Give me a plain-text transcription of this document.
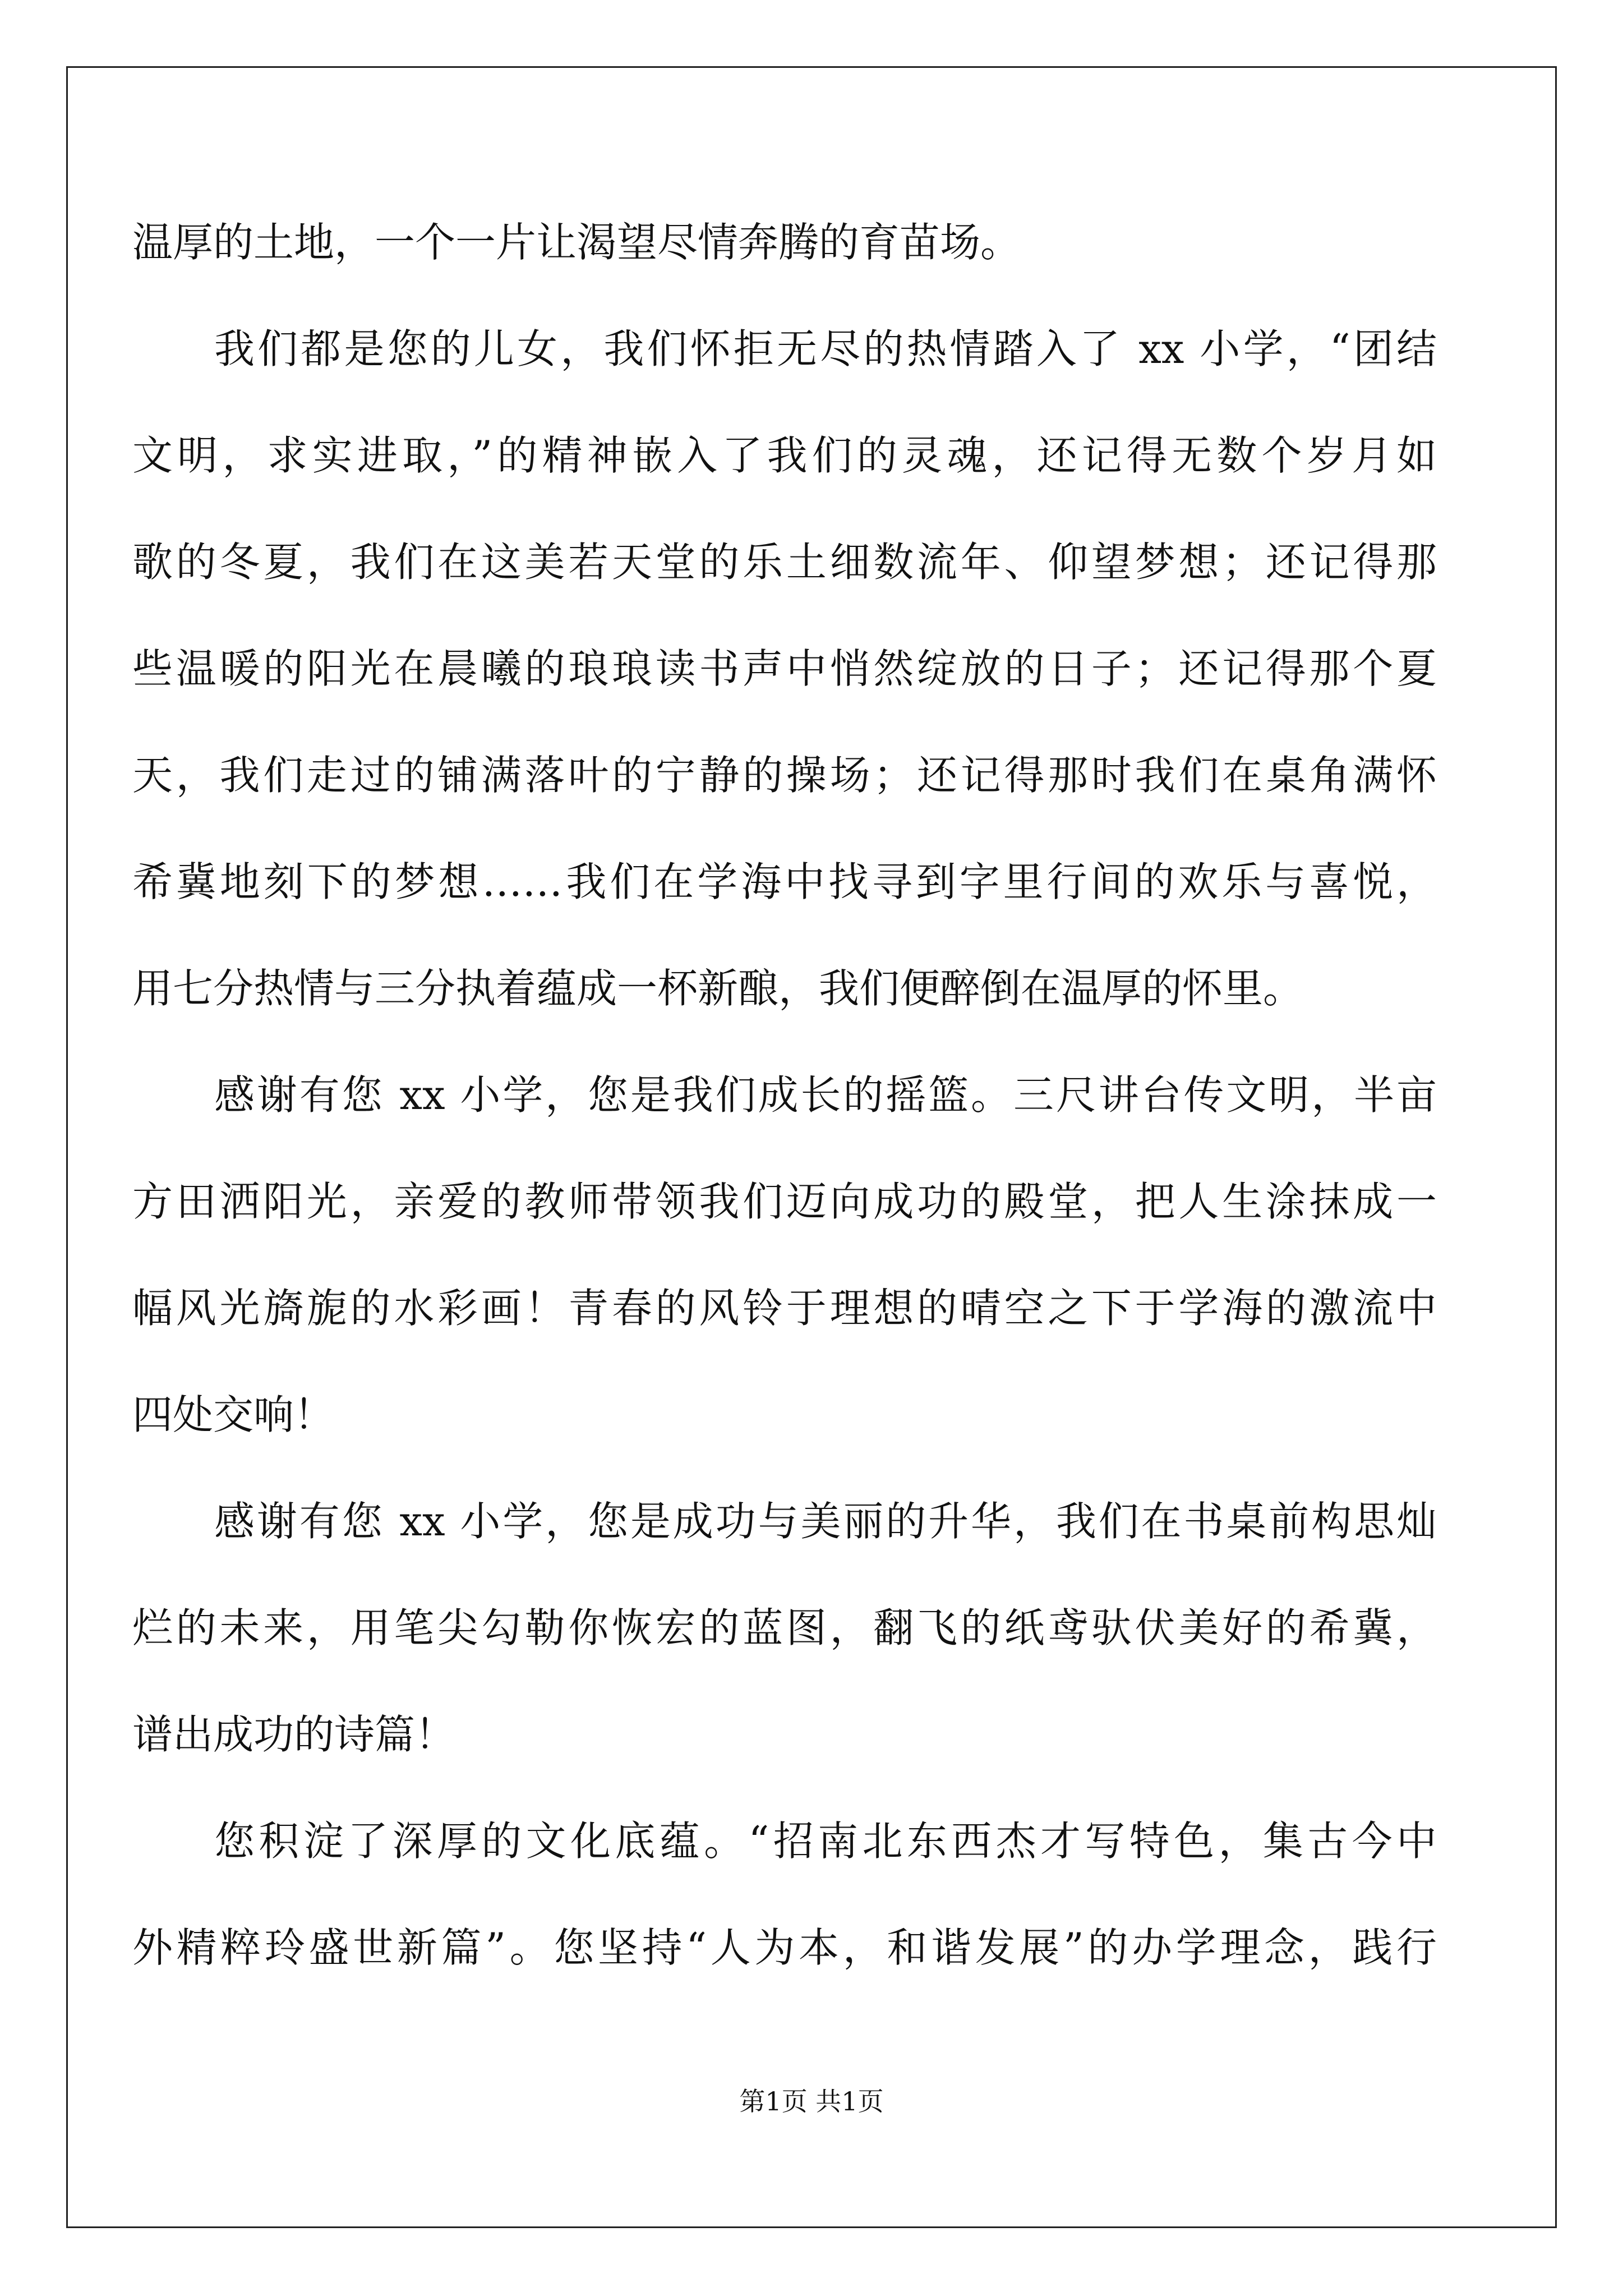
温厚的土地，一个一片让渴望尽情奔腾的育苗场。
我们都是您的儿女，我们怀拒无尽的热情踏入了 xx 小学，“团结
文明，求实进取，”的精神嵌入了我们的灵魂，还记得无数个岁月如
歌的冬夏，我们在这美若天堂的乐土细数流年、仰望梦想；还记得那
些温暖的阳光在晨曦的琅琅读书声中悄然绽放的日子；还记得那个夏
天，我们走过的铺满落叶的宁静的操场；还记得那时我们在桌角满怀
希冀地刻下的梦想……我们在学海中找寻到字里行间的欢乐与喜悦，
用七分热情与三分执着蕴成一杯新酿，我们便醉倒在温厚的怀里。
感谢有您 xx 小学，您是我们成长的摇篮。三尺讲台传文明，半亩
方田洒阳光，亲爱的教师带领我们迈向成功的殿堂，把人生涂抹成一
幅风光旖旎的水彩画！青春的风铃于理想的晴空之下于学海的激流中
四处交响！
感谢有您 xx 小学，您是成功与美丽的升华，我们在书桌前构思灿
烂的未来，用笔尖勾勒你恢宏的蓝图，翻飞的纸鸢驮伏美好的希冀，
谱出成功的诗篇！
您积淀了深厚的文化底蕴。“招南北东西杰才写特色，集古今中
外精粹玲盛世新篇”。您坚持“人为本，和谐发展”的办学理念，践行
第1页 共1页
